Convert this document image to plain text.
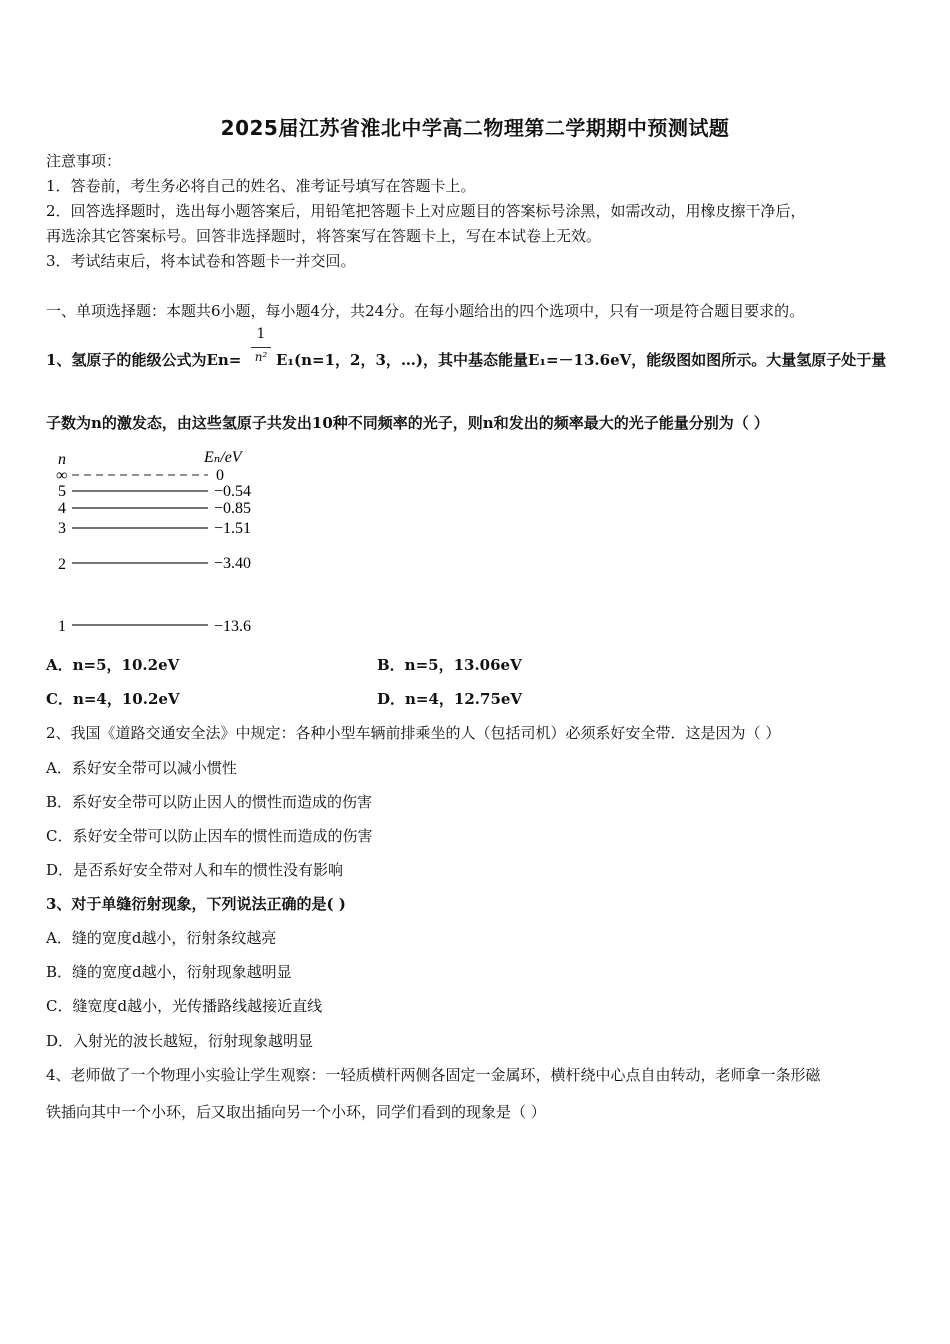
2025届江苏省淮北中学高二物理第二学期期中预测试题
注意事项：
1．答卷前，考生务必将自己的姓名、准考证号填写在答题卡上。
2．回答选择题时，选出每小题答案后，用铅笔把答题卡上对应题目的答案标号涂黑，如需改动，用橡皮擦干净后，
再选涂其它答案标号。回答非选择题时，将答案写在答题卡上，写在本试卷上无效。
3．考试结束后，将本试卷和答题卡一并交回。
一、单项选择题：本题共6小题，每小题4分，共24分。在每小题给出的四个选项中，只有一项是符合题目要求的。
1、氢原子的能级公式为En=
1
n² E₁(n=1，2，3，…)，其中基态能量E₁=－13.6eV，能级图如图所示。大量氢原子处于量
子数为n的激发态，由这些氢原子共发出10种不同频率的光子，则n和发出的频率最大的光子能量分别为（ ）
n	Eₙ/eV
∞	0
5	−0.54
4	−0.85
3	−1.51
2	−3.40
1	−13.6
A．n=5，10.2eV	B．n=5，13.06eV
C．n=4，10.2eV	D．n=4，12.75eV
2、我国《道路交通安全法》中规定：各种小型车辆前排乘坐的人（包括司机）必须系好安全带．这是因为（ ）
A．系好安全带可以减小惯性
B．系好安全带可以防止因人的惯性而造成的伤害
C．系好安全带可以防止因车的惯性而造成的伤害
D．是否系好安全带对人和车的惯性没有影响
3、对于单缝衍射现象，下列说法正确的是( )
A．缝的宽度d越小，衍射条纹越亮
B．缝的宽度d越小，衍射现象越明显
C．缝宽度d越小，光传播路线越接近直线
D．入射光的波长越短，衍射现象越明显
4、老师做了一个物理小实验让学生观察：一轻质横杆两侧各固定一金属环，横杆绕中心点自由转动，老师拿一条形磁
铁插向其中一个小环，后又取出插向另一个小环，同学们看到的现象是（ ）
